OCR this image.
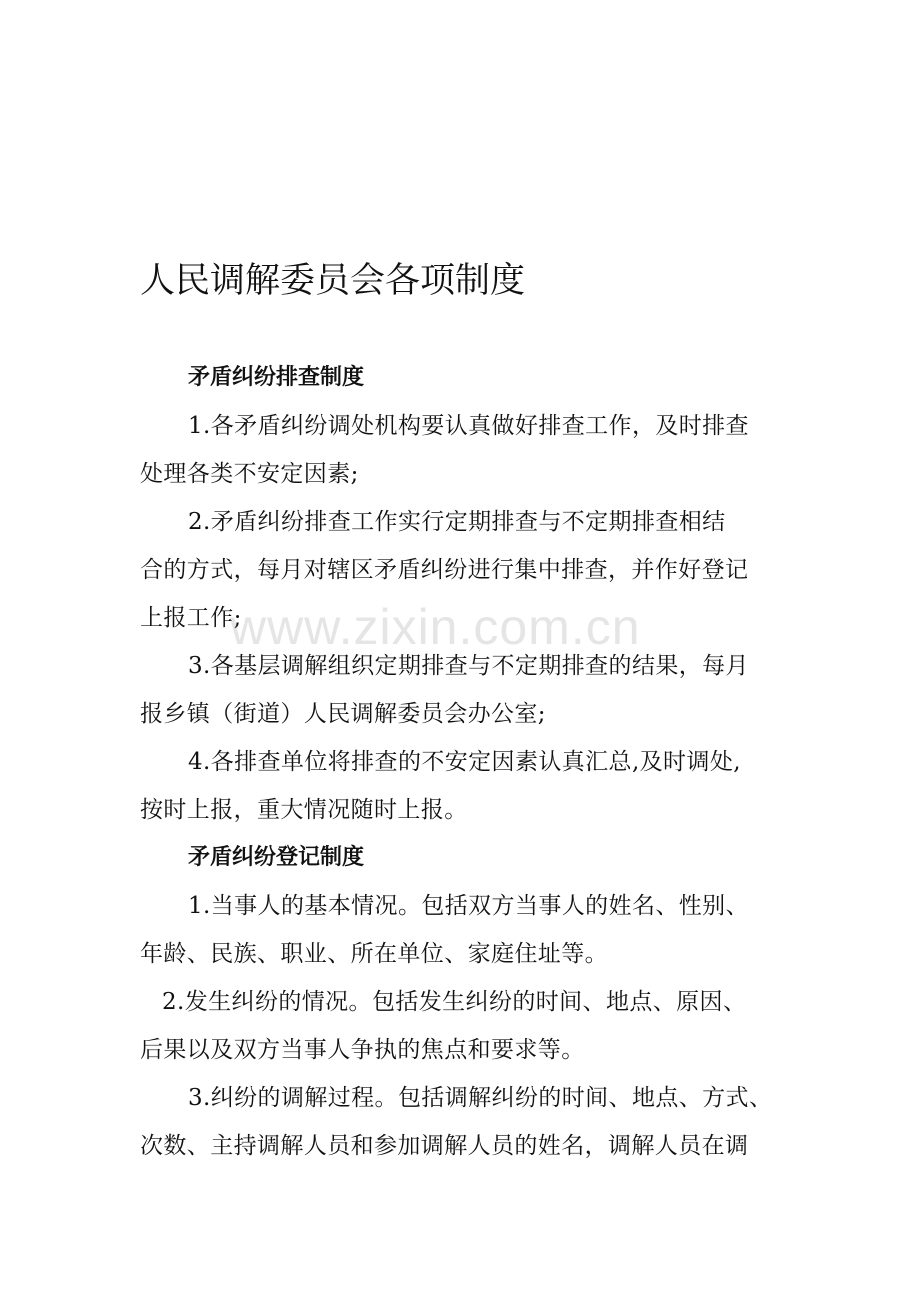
人民调解委员会各项制度
矛盾纠纷排查制度
1.各矛盾纠纷调处机构要认真做好排查工作，及时排查
处理各类不安定因素;
2.矛盾纠纷排查工作实行定期排查与不定期排查相结
合的方式，每月对辖区矛盾纠纷进行集中排查，并作好登记
上报工作;
3.各基层调解组织定期排查与不定期排查的结果，每月
报乡镇（街道）人民调解委员会办公室;
4.各排查单位将排查的不安定因素认真汇总,及时调处,
按时上报，重大情况随时上报。
矛盾纠纷登记制度
1.当事人的基本情况。包括双方当事人的姓名、性别、
年龄、民族、职业、所在单位、家庭住址等。
2.发生纠纷的情况。包括发生纠纷的时间、地点、原因、
后果以及双方当事人争执的焦点和要求等。
3.纠纷的调解过程。包括调解纠纷的时间、地点、方式、
次数、主持调解人员和参加调解人员的姓名，调解人员在调
www.zixin.com.cn
